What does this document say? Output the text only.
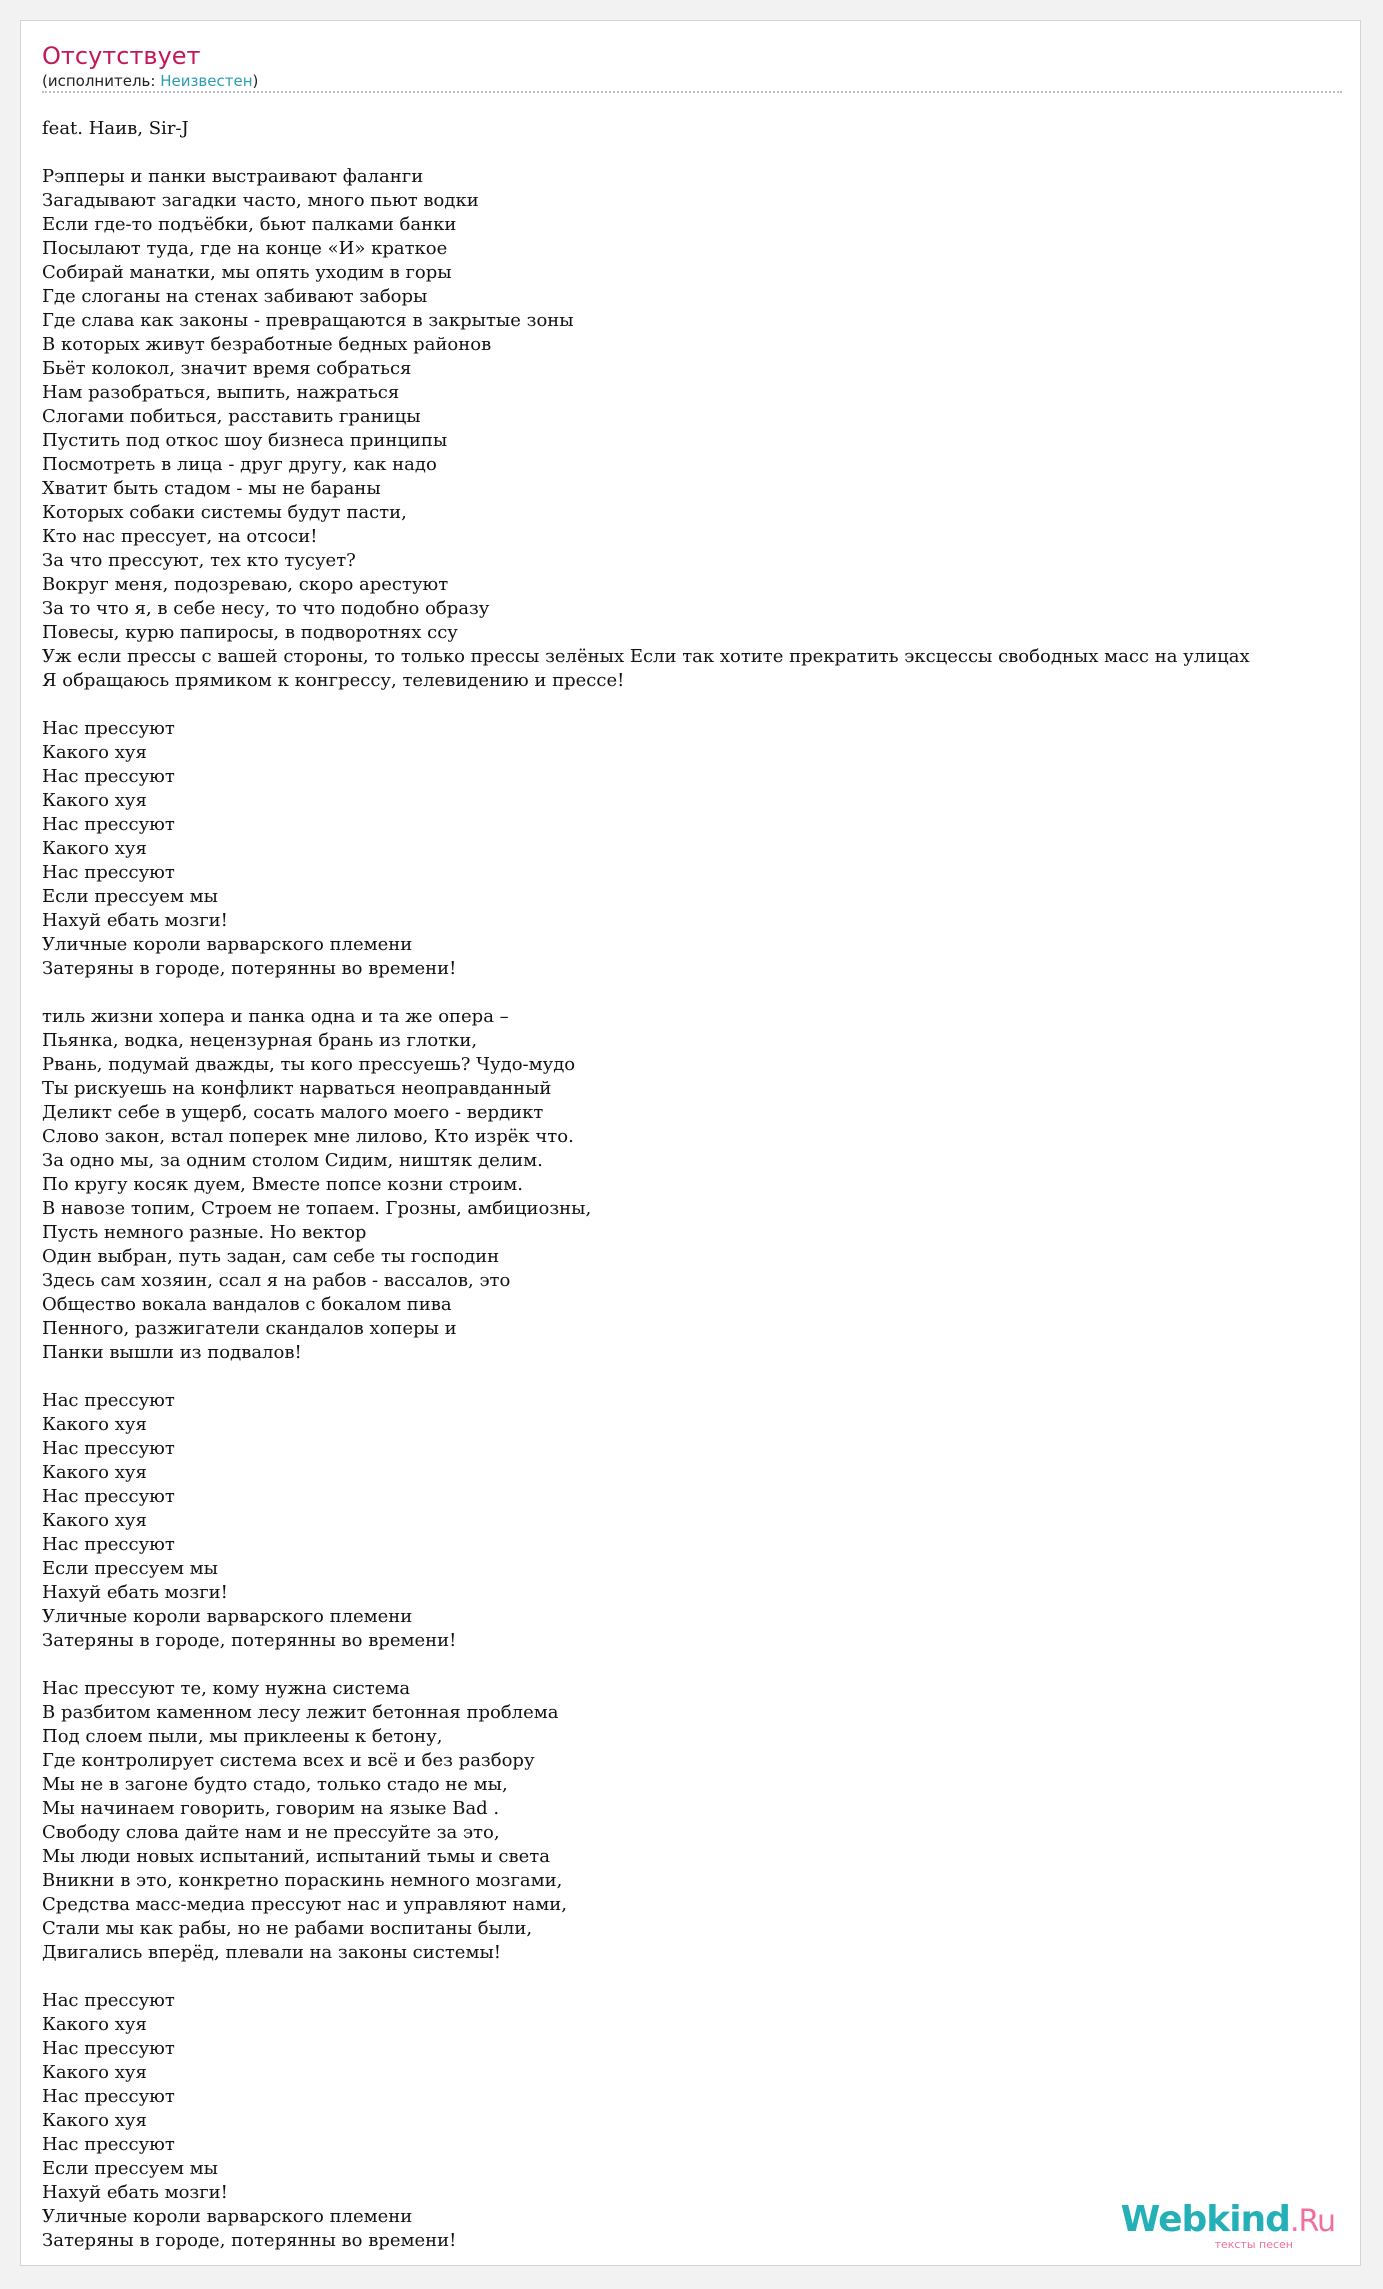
Отсутствует
(исполнитель: Неизвестен)
feat. Наив, Sir-J

Рэпперы и панки выстраивают фаланги
Загадывают загадки часто, много пьют водки
Если где-то подъёбки, бьют палками банки
Посылают туда, где на конце «И» краткое
Собирай манатки, мы опять уходим в горы
Где слоганы на стенах забивают заборы
Где слава как законы - превращаются в закрытые зоны
В которых живут безработные бедных районов
Бьёт колокол, значит время собраться
Нам разобраться, выпить, нажраться
Слогами побиться, расставить границы
Пустить под откос шоу бизнеса принципы
Посмотреть в лица - друг другу, как надо
Хватит быть стадом - мы не бараны
Которых собаки системы будут пасти,
Кто нас прессует, на отсоси!
За что прессуют, тех кто тусует?
Вокруг меня, подозреваю, скоро арестуют
За то что я, в себе несу, то что подобно образу
Повесы, курю папиросы, в подворотнях ссу
Уж если прессы с вашей стороны, то только прессы зелёных Если так хотите прекратить эксцессы свободных масс на улицах
Я обращаюсь прямиком к конгрессу, телевидению и прессе!

Нас прессуют
Какого хуя
Нас прессуют
Какого хуя
Нас прессуют
Какого хуя
Нас прессуют
Если прессуем мы
Нахуй ебать мозги!
Уличные короли варварского племени
Затеряны в городе, потерянны во времени!

тиль жизни хопера и панка одна и та же опера –
Пьянка, водка, нецензурная брань из глотки,
Рвань, подумай дважды, ты кого прессуешь? Чудо-мудо
Ты рискуешь на конфликт нарваться неоправданный
Деликт себе в ущерб, сосать малого моего - вердикт
Слово закон, встал поперек мне лилово, Кто изрёк что.
За одно мы, за одним столом Сидим, ништяк делим.
По кругу косяк дуем, Вместе попсе козни строим.
В навозе топим, Строем не топаем. Грозны, амбициозны,
Пусть немного разные. Но вектор
Один выбран, путь задан, сам себе ты господин
Здесь сам хозяин, ссал я на рабов - вассалов, это
Общество вокала вандалов с бокалом пива
Пенного, разжигатели скандалов хоперы и
Панки вышли из подвалов!

Нас прессуют
Какого хуя
Нас прессуют
Какого хуя
Нас прессуют
Какого хуя
Нас прессуют
Если прессуем мы
Нахуй ебать мозги!
Уличные короли варварского племени
Затеряны в городе, потерянны во времени!

Нас прессуют те, кому нужна система
В разбитом каменном лесу лежит бетонная проблема
Под слоем пыли, мы приклеены к бетону,
Где контролирует система всех и всё и без разбору
Мы не в загоне будто стадо, только стадо не мы,
Мы начинаем говорить, говорим на языке Bad .
Свободу слова дайте нам и не прессуйте за это,
Мы люди новых испытаний, испытаний тьмы и света
Вникни в это, конкретно пораскинь немного мозгами,
Средства масс-медиа прессуют нас и управляют нами,
Стали мы как рабы, но не рабами воспитаны были,
Двигались вперёд, плевали на законы системы!

Нас прессуют
Какого хуя
Нас прессуют
Какого хуя
Нас прессуют
Какого хуя
Нас прессуют
Если прессуем мы
Нахуй ебать мозги!
Уличные короли варварского племени
Затеряны в городе, потерянны во времени!
Webkind.Ru
тексты песен
